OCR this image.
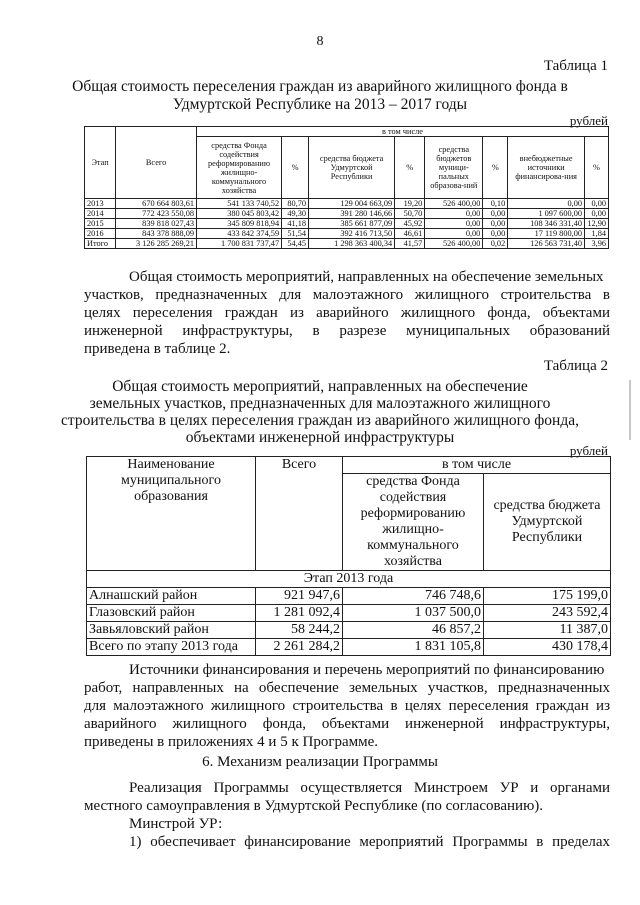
8
Таблица 1
Общая стоимость переселения граждан из аварийного жилищного фонда в
Удмуртской Республике на 2013 – 2017 годы
рублей
Этап	Всего	в том числе							
		средства Фонда содействия реформированию жилищно-коммунального хозяйства	%	средства бюджета Удмуртской Республики	%	средства бюджетов муници-пальных образова-ний	%	внебюджетные источники финансирова-ния	%
2013	670 664 803,61	541 133 740,52	80,70	129 004 663,09	19,20	526 400,00	0,10	0,00	0,00
2014	772 423 550,08	380 045 803,42	49,30	391 280 146,66	50,70	0,00	0,00	1 097 600,00	0,00
2015	839 818 027,43	345 809 818,94	41,18	385 661 877,09	45,92	0,00	0,00	108 346 331,40	12,90
2016	843 378 888,09	433 842 374,59	51,54	392 416 713,50	46,61	0,00	0,00	17 119 800,00	1,84
Итого	3 126 285 269,21	1 700 831 737,47	54,45	1 298 363 400,34	41,57	526 400,00	0,02	126 563 731,40	3,96
Общая стоимость мероприятий, направленных на обеспечение земельных
участков, предназначенных для малоэтажного жилищного строительства в
целях переселения граждан из аварийного жилищного фонда, объектами
инженерной инфраструктуры, в разрезе муниципальных образований
приведена в таблице 2.
Таблица 2
Общая стоимость мероприятий, направленных на обеспечение
земельных участков, предназначенных для малоэтажного жилищного
строительства в целях переселения граждан из аварийного жилищного фонда,
объектами инженерной инфраструктуры
рублей
Наименование муниципального образования	Всего	в том числе	
		средства Фонда содействия реформированию жилищно-коммунального хозяйства	средства бюджета Удмуртской Республики
Этап 2013 года			
Алнашский район	921 947,6	746 748,6	175 199,0
Глазовский район	1 281 092,4	1 037 500,0	243 592,4
Завьяловский район	58 244,2	46 857,2	11 387,0
Всего по этапу 2013 года	2 261 284,2	1 831 105,8	430 178,4
Источники финансирования и перечень мероприятий по финансированию
работ, направленных на обеспечение земельных участков, предназначенных
для малоэтажного жилищного строительства в целях переселения граждан из
аварийного жилищного фонда, объектами инженерной инфраструктуры,
приведены в приложениях 4 и 5 к Программе.
6. Механизм реализации Программы
Реализация Программы осуществляется Минстроем УР и органами
местного самоуправления в Удмуртской Республике (по согласованию).
Минстрой УР:
1) обеспечивает финансирование мероприятий Программы в пределах
